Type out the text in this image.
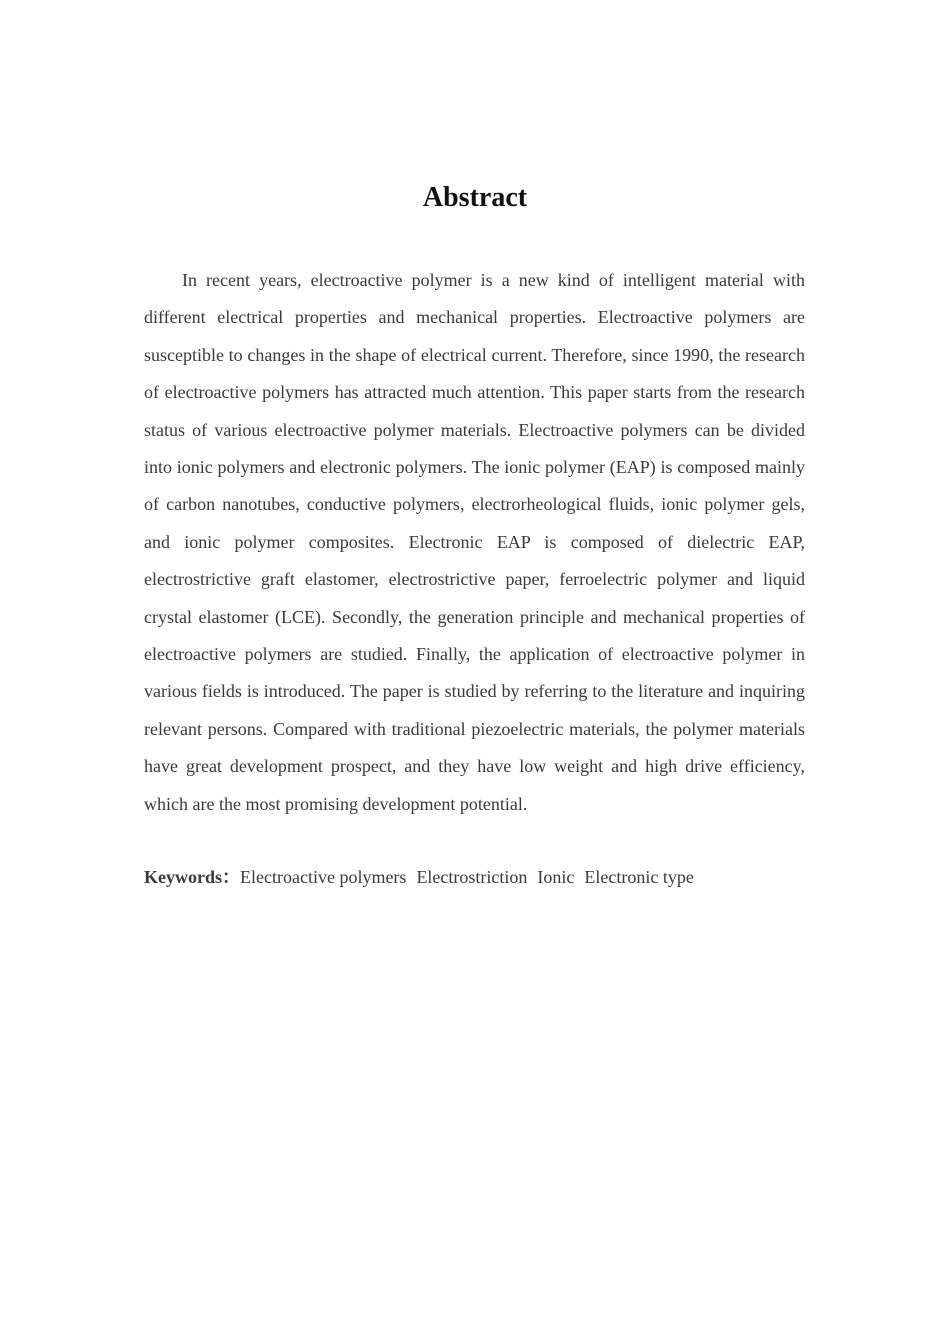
Abstract

In recent years, electroactive polymer is a new kind of intelligent material with different electrical properties and mechanical properties. Electroactive polymers are susceptible to changes in the shape of electrical current. Therefore, since 1990, the research of electroactive polymers has attracted much attention. This paper starts from the research status of various electroactive polymer materials. Electroactive polymers can be divided into ionic polymers and electronic polymers. The ionic polymer (EAP) is composed mainly of carbon nanotubes, conductive polymers, electrorheological fluids, ionic polymer gels, and ionic polymer composites. Electronic EAP is composed of dielectric EAP, electrostrictive graft elastomer, electrostrictive paper, ferroelectric polymer and liquid crystal elastomer (LCE). Secondly, the generation principle and mechanical properties of electroactive polymers are studied. Finally, the application of electroactive polymer in various fields is introduced. The paper is studied by referring to the literature and inquiring relevant persons. Compared with traditional piezoelectric materials, the polymer materials have great development prospect, and they have low weight and high drive efficiency, which are the most promising development potential.

Keywords：Electroactive polymers Electrostriction Ionic Electronic type
